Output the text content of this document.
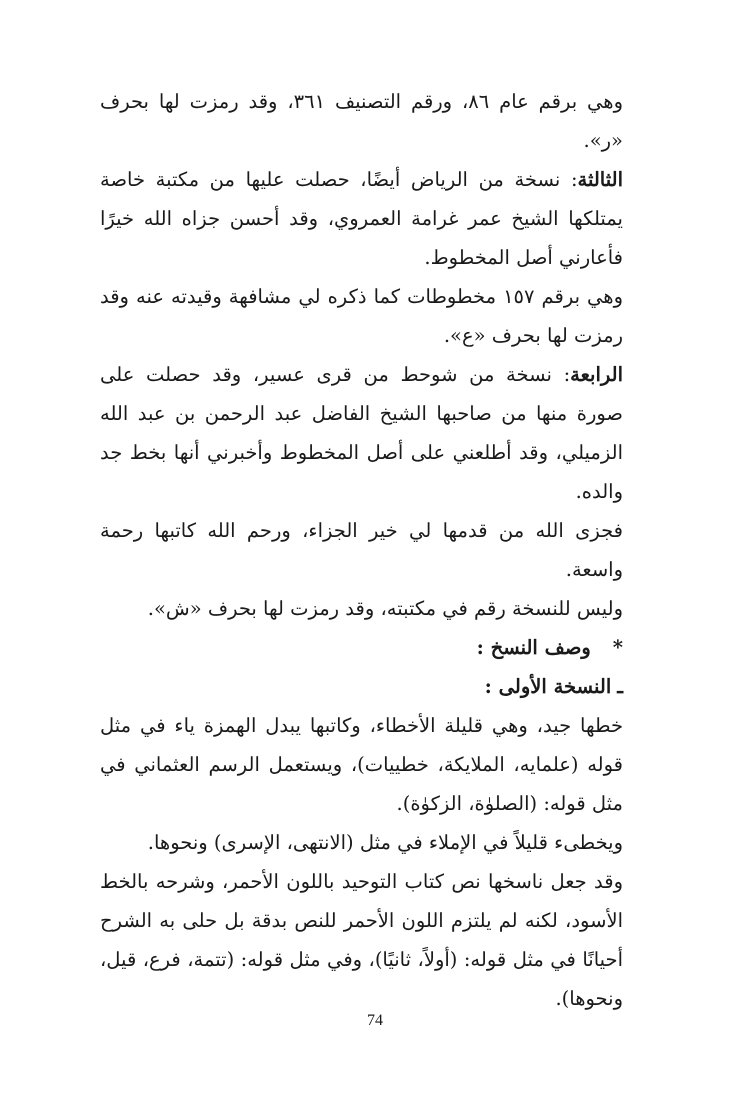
وهي برقم عام ٨٦، ورقم التصنيف ٣٦١، وقد رمزت لها بحرف «ر».

الثالثة: نسخة من الرياض أيضًا، حصلت عليها من مكتبة خاصة يمتلكها الشيخ عمر غرامة العمروي، وقد أحسن جزاه الله خيرًا فأعارني أصل المخطوط.

وهي برقم ١٥٧ مخطوطات كما ذكره لي مشافهة وقيدته عنه وقد رمزت لها بحرف «ع».

الرابعة: نسخة من شوحط من قرى عسير، وقد حصلت على صورة منها من صاحبها الشيخ الفاضل عبد الرحمن بن عبد الله الزميلي، وقد أطلعني على أصل المخطوط وأخبرني أنها بخط جد والده.

فجزى الله من قدمها لي خير الجزاء، ورحم الله كاتبها رحمة واسعة.

وليس للنسخة رقم في مكتبته، وقد رمزت لها بحرف «ش».

*وصف النسخ :

ـالنسخة الأولى :

خطها جيد، وهي قليلة الأخطاء، وكاتبها يبدل الهمزة ياء في مثل قوله (علمايه، الملايكة، خطييات)، ويستعمل الرسم العثماني في مثل قوله: (الصلوٰة، الزكوٰة).

ويخطىء قليلاً في الإملاء في مثل (الانتهى، الإسرى) ونحوها.

وقد جعل ناسخها نص كتاب التوحيد باللون الأحمر، وشرحه بالخط الأسود، لكنه لم يلتزم اللون الأحمر للنص بدقة بل حلى به الشرح أحيانًا في مثل قوله: (أولاً، ثانيًا)، وفي مثل قوله: (تتمة، فرع، قيل، ونحوها).

74
